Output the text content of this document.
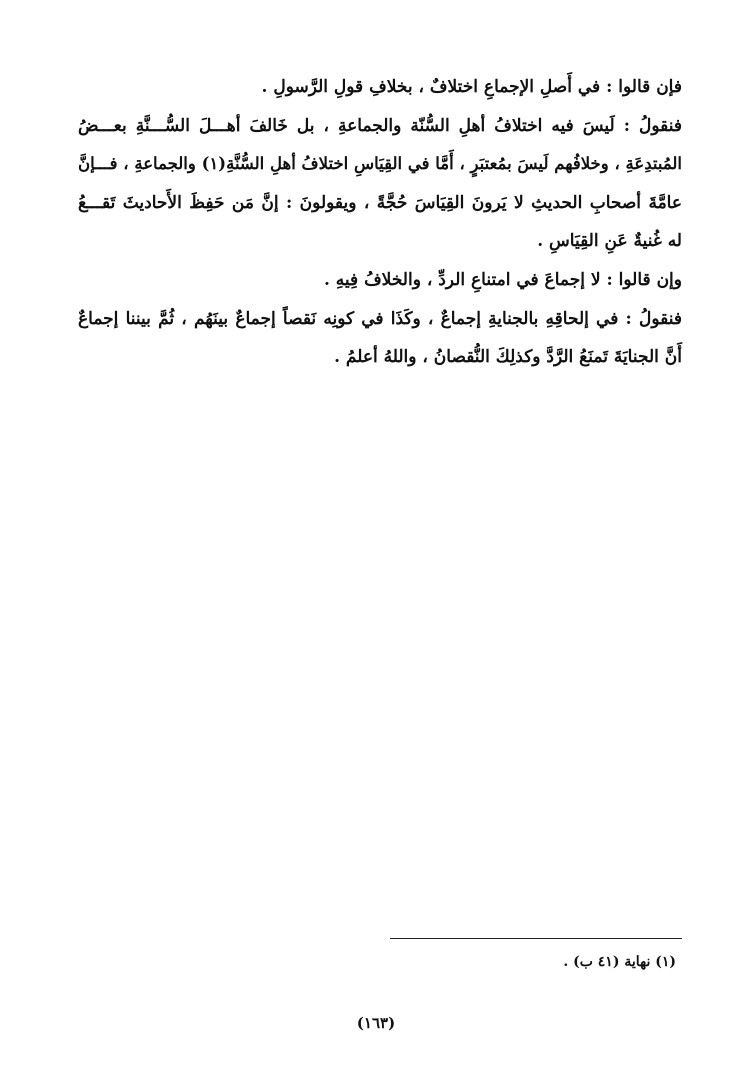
فإن قالوا : في أَصلِ الإجماعِ اختلافٌ ، بخلافِ قولِ الرَّسولِ .

فنقولُ : لَيسَ فيه اختلافُ أهلِ السُّنّة والجماعةِ ، بل خَالفَ أهـــلَ السُّـــنَّةِ بعـــضُ
المُبتدِعَةِ ، وخلافُهم لَيسَ بمُعتبَرٍ ، أَمَّا في القِيَاسِ اختلافُ أهلِ السُّنَّةِ(١) والجماعةِ ، فـــإنَّ
عامَّةَ أصحابِ الحديثِ لا يَرونَ القِيَاسَ حُجَّةً ، ويقولونَ : إنَّ مَن حَفِظَ الأَحاديثَ تَقـــعُ
له غُنيةٌ عَنِ القِيَاسِ .

وإن قالوا : لا إجماعَ في امتناعِ الردِّ ، والخلافُ فِيهِ .

فنقولُ : في إلحاقِهِ بالجنايةِ إجماعٌ ، وكَذَا في كونِه نَقصاً إجماعٌ بينَهُم ، ثُمَّ بيننا إجماعٌ
أَنَّ الجنايَةَ تَمنَعُ الرَّدَّ وكذلِكَ النُّقصانُ ، واللهُ أعلمُ .

(١) نهاية (٤١ ب) .
(١٦٣)
